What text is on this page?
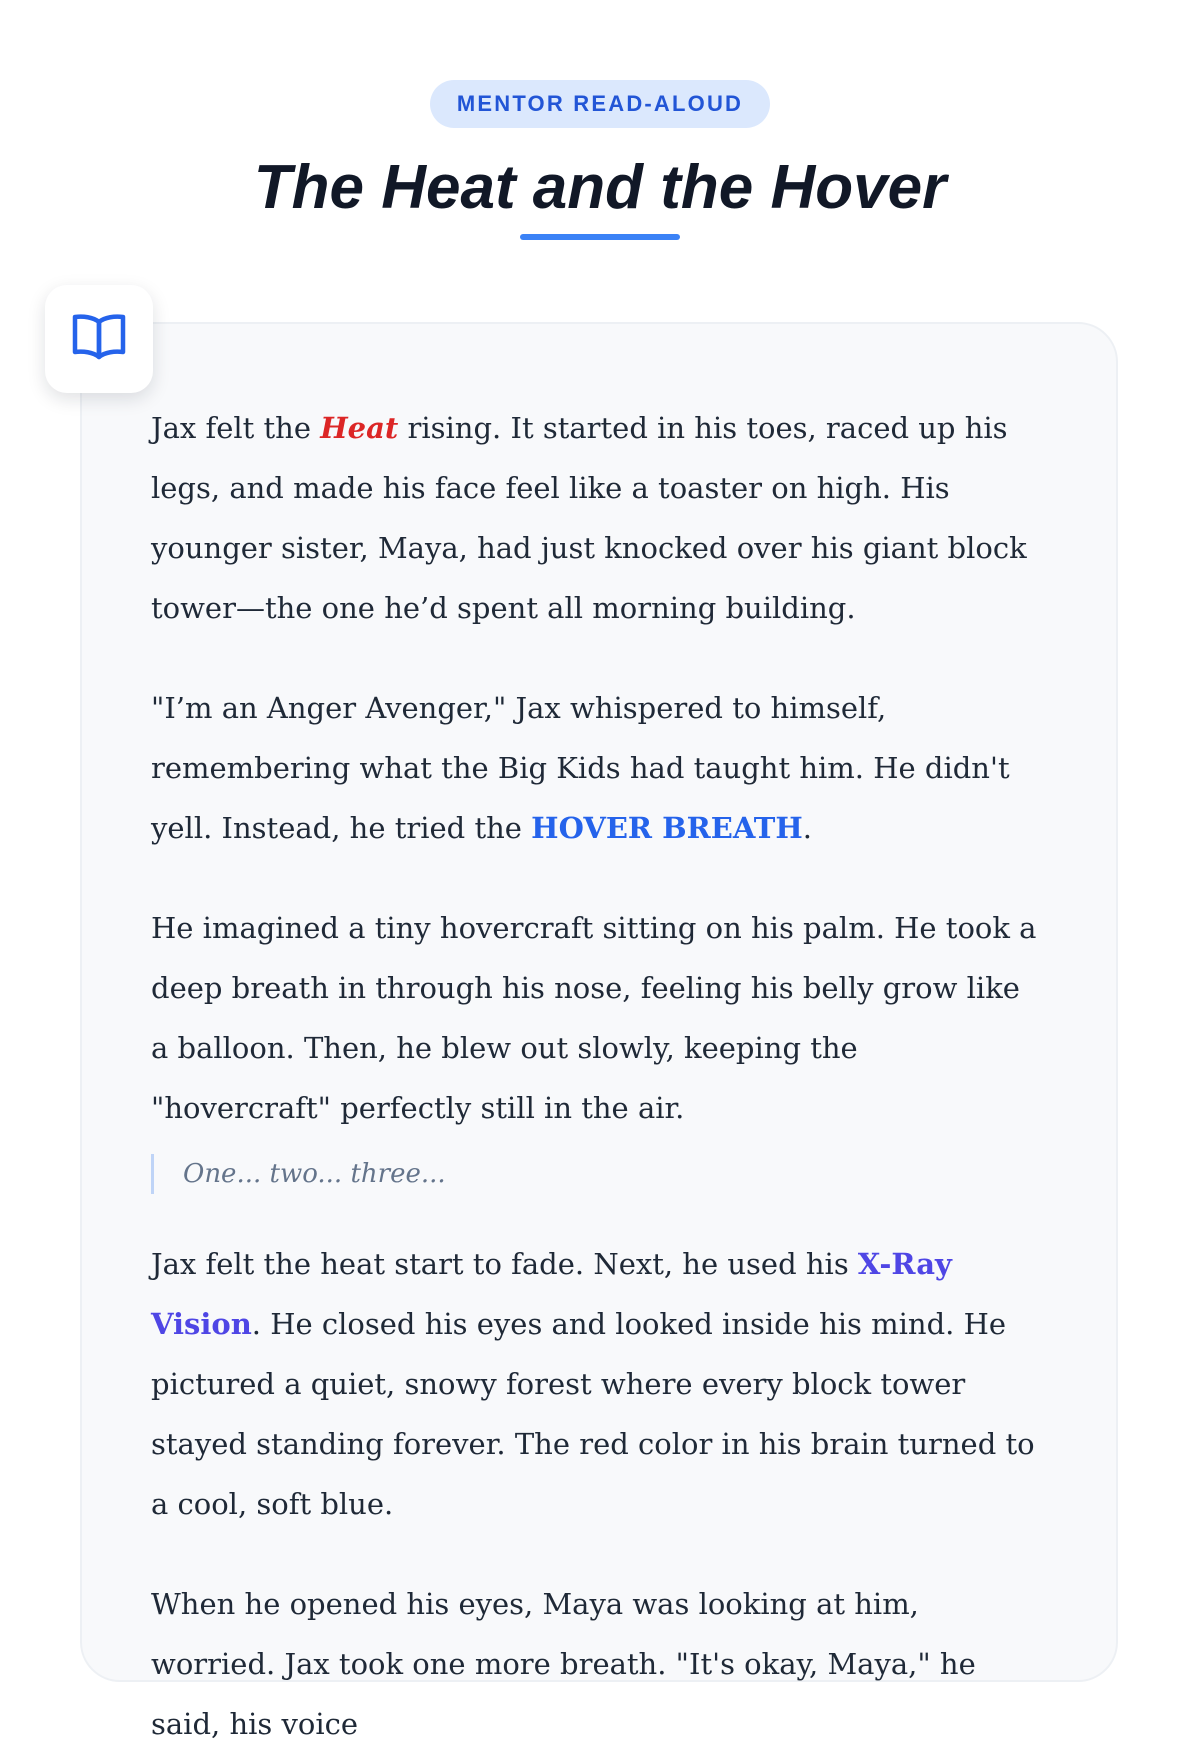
MENTOR READ-ALOUD
The Heat and the Hover

Jax felt the Heat rising. It started in his toes, raced up his legs, and made his face feel like a toaster on high. His younger sister, Maya, had just knocked over his giant block tower—the one he’d spent all morning building.

"I’m an Anger Avenger," Jax whispered to himself, remembering what the Big Kids had taught him. He didn't yell. Instead, he tried the HOVER BREATH.

He imagined a tiny hovercraft sitting on his palm. He took a deep breath in through his nose, feeling his belly grow like a balloon. Then, he blew out slowly, keeping the "hovercraft" perfectly still in the air.

One... two... three...

Jax felt the heat start to fade. Next, he used his X-Ray Vision. He closed his eyes and looked inside his mind. He pictured a quiet, snowy forest where every block tower stayed standing forever. The red color in his brain turned to a cool, soft blue.

When he opened his eyes, Maya was looking at him, worried. Jax took one more breath. "It's okay, Maya," he said, his voice
